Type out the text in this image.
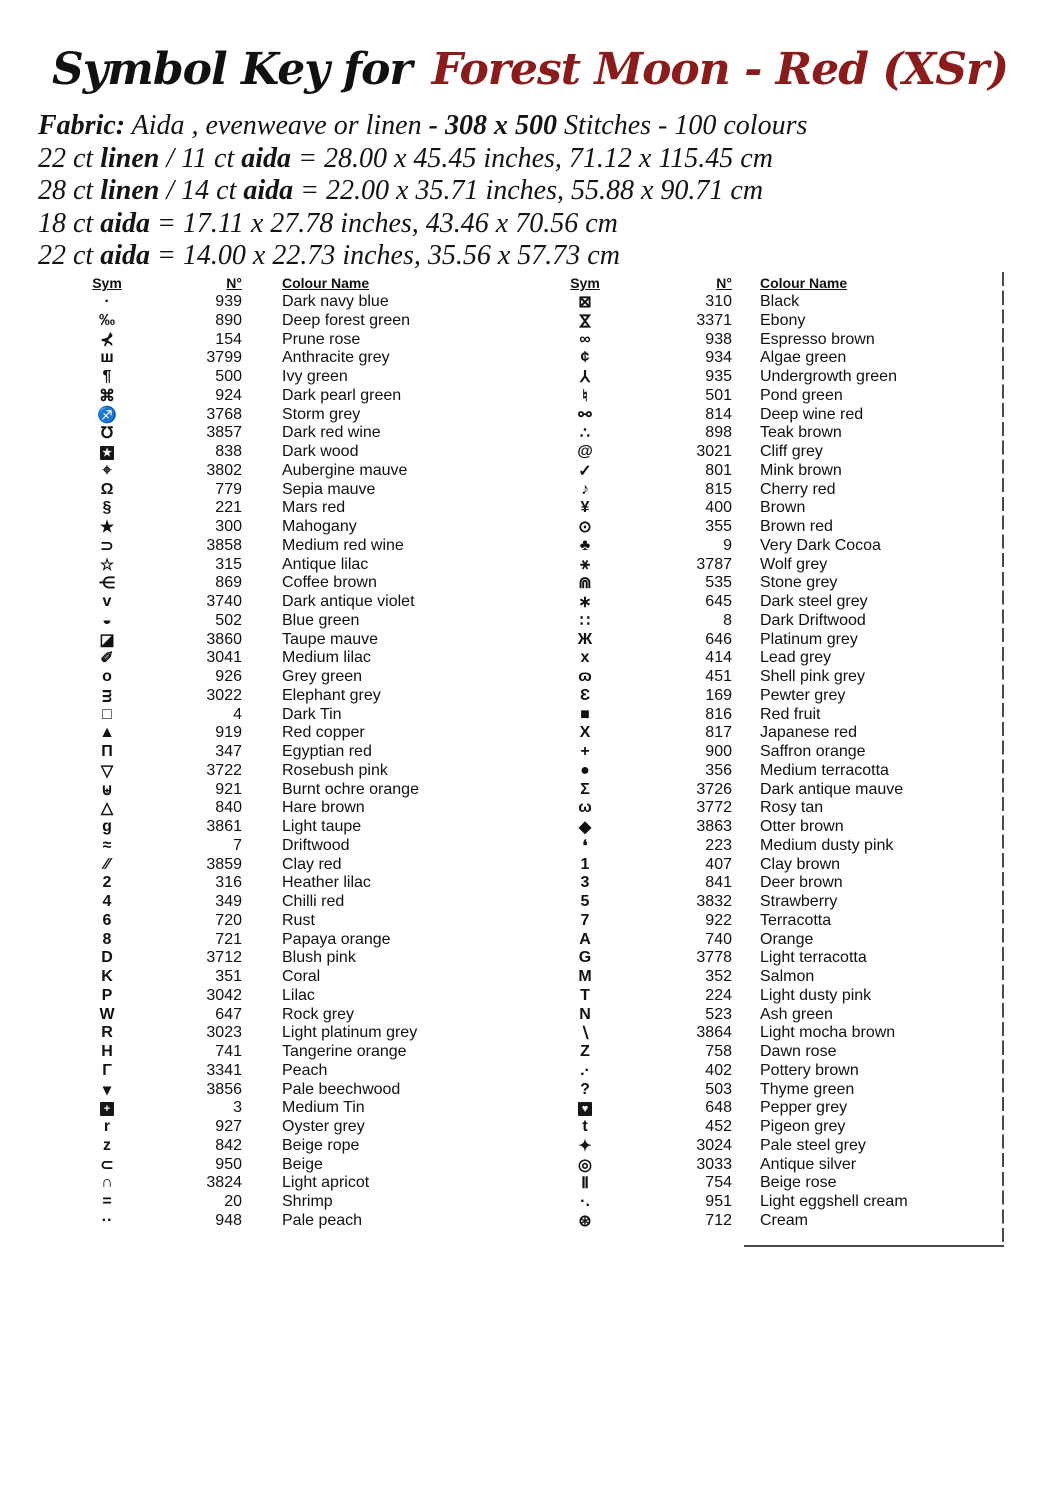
Symbol Key for Forest Moon - Red (XSr)
Fabric: Aida , evenweave or linen - 308 x 500 Stitches - 100 colours
22 ct linen / 11 ct aida = 28.00 x 45.45 inches, 71.12 x 115.45 cm
28 ct linen / 14 ct aida = 22.00 x 35.71 inches, 55.88 x 90.71 cm
18 ct aida = 17.11 x 27.78 inches, 43.46 x 70.56 cm
22 ct aida = 14.00 x 22.73 inches, 35.56 x 57.73 cm
Sym	N°	Colour Name
·	939	Dark navy blue
‰	890	Deep forest green
⊀	154	Prune rose
ш	3799	Anthracite grey
¶	500	Ivy green
⌘	924	Dark pearl green
♐	3768	Storm grey
℧	3857	Dark red wine
★	838	Dark wood
⌖	3802	Aubergine mauve
Ω	779	Sepia mauve
§	221	Mars red
★	300	Mahogany
⊃	3858	Medium red wine
☆	315	Antique lilac
⋲	869	Coffee brown
v	3740	Dark antique violet
◒	502	Blue green
◪	3860	Taupe mauve
✐	3041	Medium lilac
o	926	Grey green
ᴟ	3022	Elephant grey
□	4	Dark Tin
▲	919	Red copper
Π	347	Egyptian red
▽	3722	Rosebush pink
⊎	921	Burnt ochre orange
△	840	Hare brown
g	3861	Light taupe
≈	7	Driftwood
∕∕	3859	Clay red
2	316	Heather lilac
4	349	Chilli red
6	720	Rust
8	721	Papaya orange
D	3712	Blush pink
K	351	Coral
P	3042	Lilac
W	647	Rock grey
R	3023	Light platinum grey
H	741	Tangerine orange
Γ	3341	Peach
▾	3856	Pale beechwood
+	3	Medium Tin
r	927	Oyster grey
z	842	Beige rope
⊂	950	Beige
∩	3824	Light apricot
=	20	Shrimp
··	948	Pale peach
Sym	N°	Colour Name
⊠	310	Black
⋈	3371	Ebony
∞	938	Espresso brown
¢	934	Algae green
⅄	935	Undergrowth green
♮	501	Pond green
⚯	814	Deep wine red
∴	898	Teak brown
@	3021	Cliff grey
✓	801	Mink brown
♪	815	Cherry red
¥	400	Brown
⊙	355	Brown red
♣	9	Very Dark Cocoa
⚹	3787	Wolf grey
⋒	535	Stone grey
∗	645	Dark steel grey
∷	8	Dark Driftwood
Ж	646	Platinum grey
x	414	Lead grey
ɷ	451	Shell pink grey
Ɛ	169	Pewter grey
■	816	Red fruit
X	817	Japanese red
+	900	Saffron orange
●	356	Medium terracotta
Σ	3726	Dark antique mauve
ω	3772	Rosy tan
◆	3863	Otter brown
❛	223	Medium dusty pink
1	407	Clay brown
3	841	Deer brown
5	3832	Strawberry
7	922	Terracotta
A	740	Orange
G	3778	Light terracotta
M	352	Salmon
T	224	Light dusty pink
N	523	Ash green
∖	3864	Light mocha brown
Z	758	Dawn rose
.·	402	Pottery brown
?	503	Thyme green
♥	648	Pepper grey
t	452	Pigeon grey
✦	3024	Pale steel grey
◎	3033	Antique silver
Ⅱ	754	Beige rose
·.	951	Light eggshell cream
⊛	712	Cream
